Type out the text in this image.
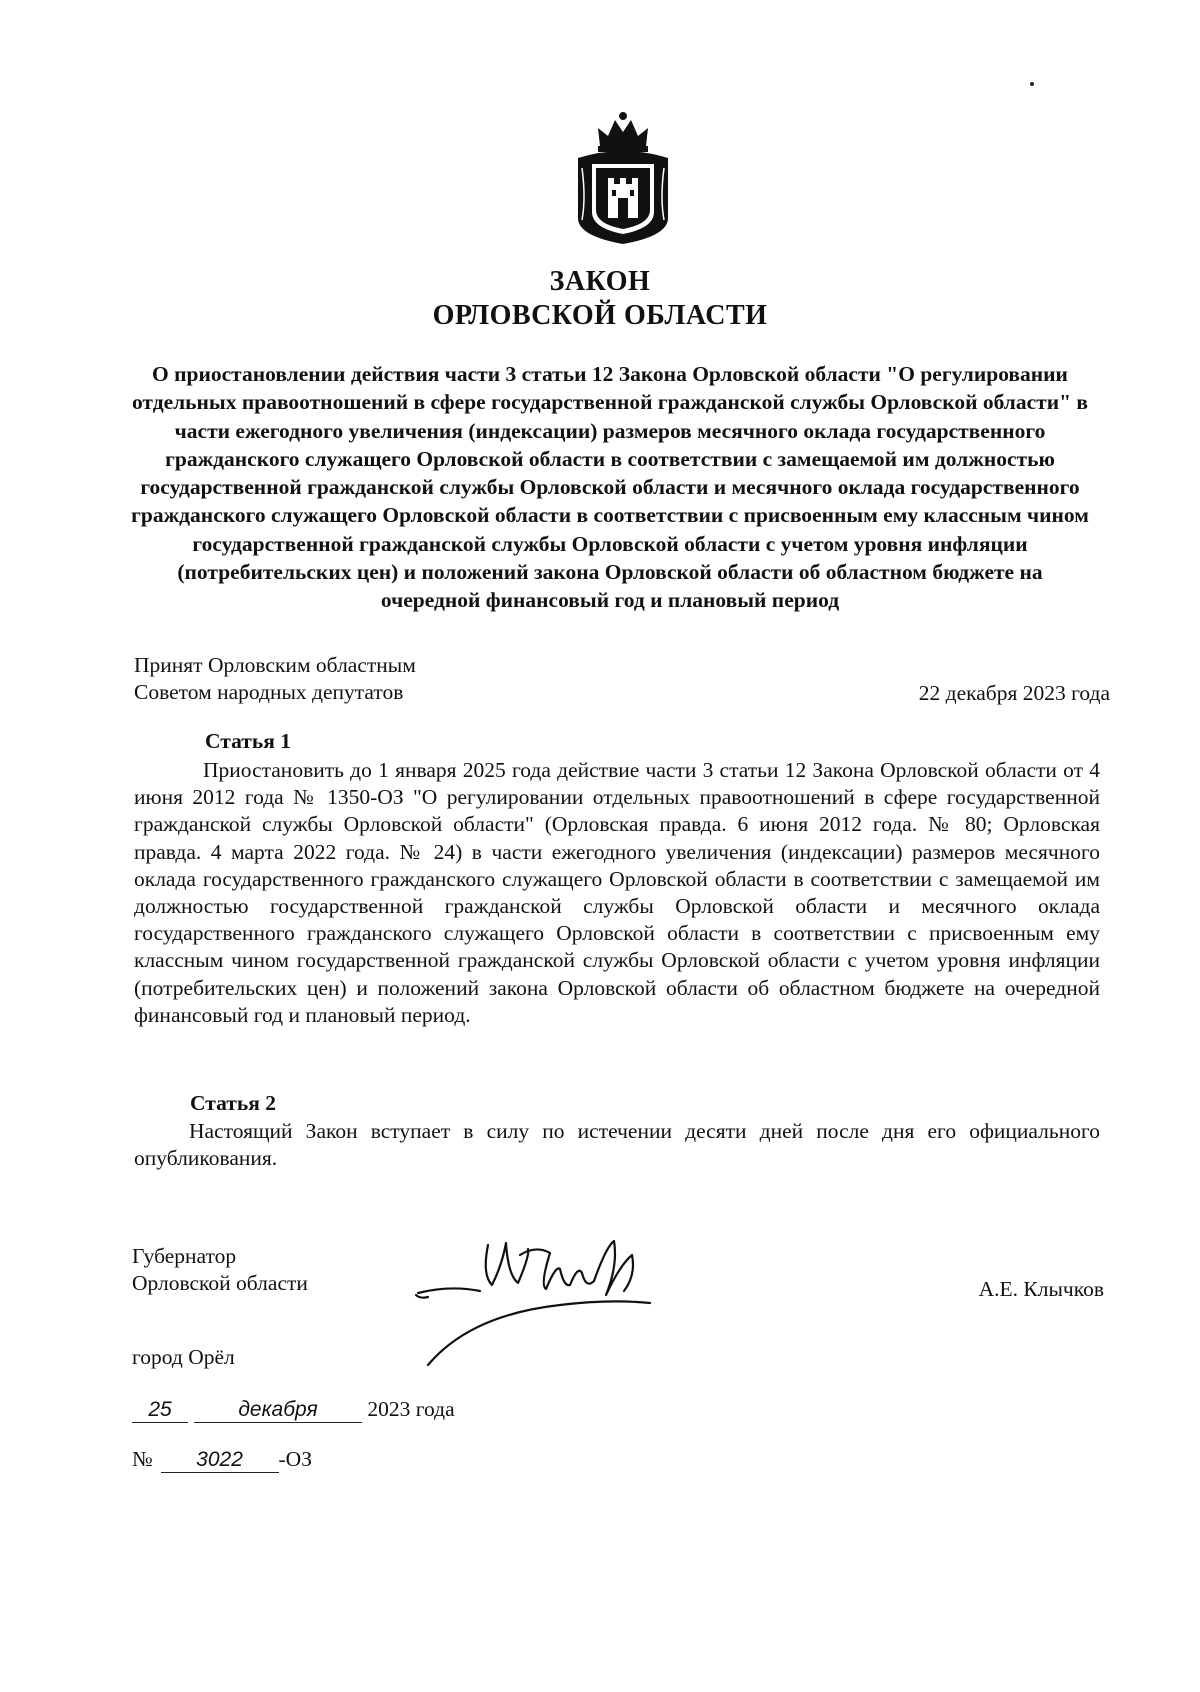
ЗАКОН
ОРЛОВСКОЙ ОБЛАСТИ
О приостановлении действия части 3 статьи 12 Закона Орловской области "О регулировании отдельных правоотношений в сфере государственной гражданской службы Орловской области" в части ежегодного увеличения (индексации) размеров месячного оклада государственного гражданского служащего Орловской области в соответствии с замещаемой им должностью государственной гражданской службы Орловской области и месячного оклада государственного гражданского служащего Орловской области в соответствии с присвоенным ему классным чином государственной гражданской службы Орловской области с учетом уровня инфляции (потребительских цен) и положений закона Орловской области об областном бюджете на очередной финансовый год и плановый период
Принят Орловским областным
Советом народных депутатов	22 декабря 2023 года
Статья 1
Приостановить до 1 января 2025 года действие части 3 статьи 12 Закона Орловской области от 4 июня 2012 года № 1350-ОЗ "О регулировании отдельных правоотношений в сфере государственной гражданской службы Орловской области" (Орловская правда. 6 июня 2012 года. № 80; Орловская правда. 4 марта 2022 года. № 24) в части ежегодного увеличения (индексации) размеров месячного оклада государственного гражданского служащего Орловской области в соответствии с замещаемой им должностью государственной гражданской службы Орловской области и месячного оклада государственного гражданского служащего Орловской области в соответствии с присвоенным ему классным чином государственной гражданской службы Орловской области с учетом уровня инфляции (потребительских цен) и положений закона Орловской области об областном бюджете на очередной финансовый год и плановый период.
Статья 2
Настоящий Закон вступает в силу по истечении десяти дней после дня его официального опубликования.
Губернатор
Орловской области	А.Е. Клычков
город Орёл
25	декабря 2023 года
№ 3022 -ОЗ
